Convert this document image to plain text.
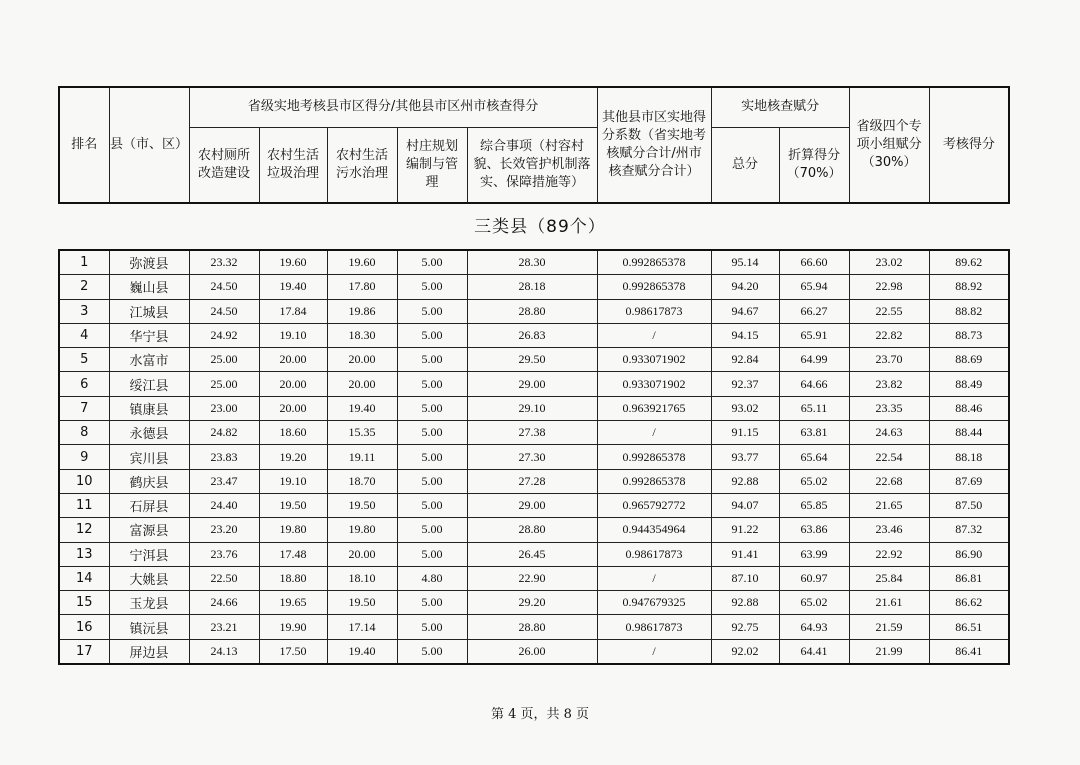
排名	县（市、区）	省级实地考核县市区得分/其他县市区州市核查得分					其他县市区实地得分系数（省实地考核赋分合计/州市核查赋分合计）	实地核查赋分		省级四个专项小组赋分（30%）	考核得分
		农村厕所改造建设	农村生活垃圾治理	农村生活污水治理	村庄规划编制与管理	综合事项（村容村貌、长效管护机制落实、保障措施等）		总分	折算得分（70%）		
三类县（89个）
1	弥渡县	23.32	19.60	19.60	5.00	28.30	0.992865378	95.14	66.60	23.02	89.62
2	巍山县	24.50	19.40	17.80	5.00	28.18	0.992865378	94.20	65.94	22.98	88.92
3	江城县	24.50	17.84	19.86	5.00	28.80	0.98617873	94.67	66.27	22.55	88.82
4	华宁县	24.92	19.10	18.30	5.00	26.83	/	94.15	65.91	22.82	88.73
5	水富市	25.00	20.00	20.00	5.00	29.50	0.933071902	92.84	64.99	23.70	88.69
6	绥江县	25.00	20.00	20.00	5.00	29.00	0.933071902	92.37	64.66	23.82	88.49
7	镇康县	23.00	20.00	19.40	5.00	29.10	0.963921765	93.02	65.11	23.35	88.46
8	永德县	24.82	18.60	15.35	5.00	27.38	/	91.15	63.81	24.63	88.44
9	宾川县	23.83	19.20	19.11	5.00	27.30	0.992865378	93.77	65.64	22.54	88.18
10	鹤庆县	23.47	19.10	18.70	5.00	27.28	0.992865378	92.88	65.02	22.68	87.69
11	石屏县	24.40	19.50	19.50	5.00	29.00	0.965792772	94.07	65.85	21.65	87.50
12	富源县	23.20	19.80	19.80	5.00	28.80	0.944354964	91.22	63.86	23.46	87.32
13	宁洱县	23.76	17.48	20.00	5.00	26.45	0.98617873	91.41	63.99	22.92	86.90
14	大姚县	22.50	18.80	18.10	4.80	22.90	/	87.10	60.97	25.84	86.81
15	玉龙县	24.66	19.65	19.50	5.00	29.20	0.947679325	92.88	65.02	21.61	86.62
16	镇沅县	23.21	19.90	17.14	5.00	28.80	0.98617873	92.75	64.93	21.59	86.51
17	屏边县	24.13	17.50	19.40	5.00	26.00	/	92.02	64.41	21.99	86.41
第 4 页，共 8 页
